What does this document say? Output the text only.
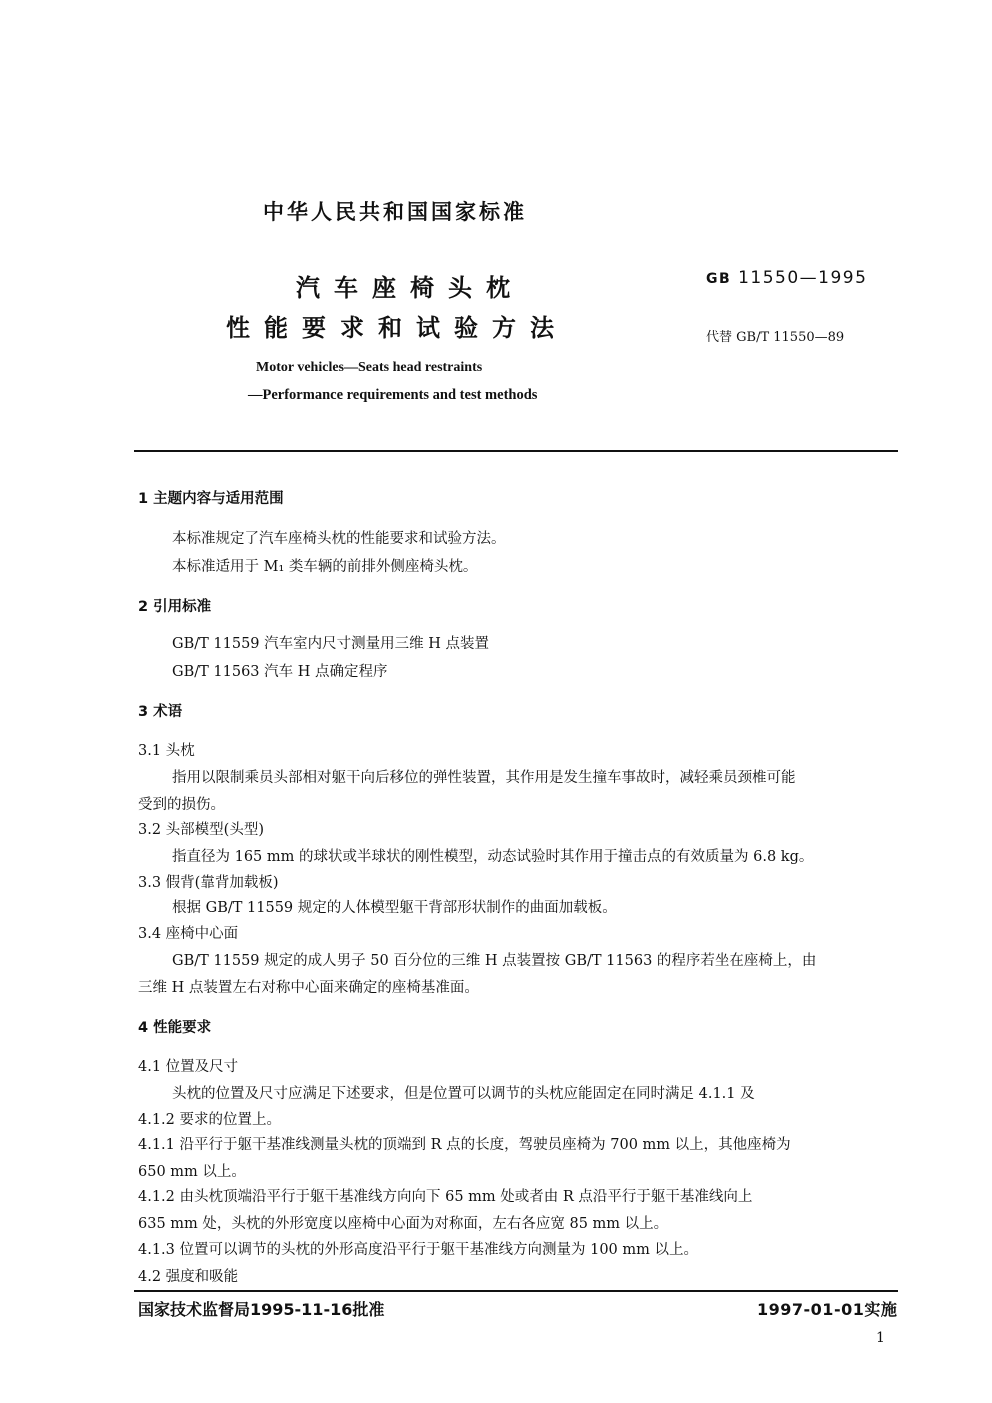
中华人民共和国国家标准
汽车座椅头枕
性能要求和试验方法
GB 11550—1995
代替 GB/T 11550—89
Motor vehicles—Seats head restraints
—Performance requirements and test methods
1 主题内容与适用范围
本标准规定了汽车座椅头枕的性能要求和试验方法。
本标准适用于 M₁ 类车辆的前排外侧座椅头枕。
2 引用标准
GB/T 11559 汽车室内尺寸测量用三维 H 点装置
GB/T 11563 汽车 H 点确定程序
3 术语
3.1 头枕
指用以限制乘员头部相对躯干向后移位的弹性装置，其作用是发生撞车事故时，减轻乘员颈椎可能
受到的损伤。
3.2 头部模型(头型)
指直径为 165 mm 的球状或半球状的刚性模型，动态试验时其作用于撞击点的有效质量为 6.8 kg。
3.3 假背(靠背加载板)
根据 GB/T 11559 规定的人体模型躯干背部形状制作的曲面加载板。
3.4 座椅中心面
GB/T 11559 规定的成人男子 50 百分位的三维 H 点装置按 GB/T 11563 的程序若坐在座椅上，由
三维 H 点装置左右对称中心面来确定的座椅基准面。
4 性能要求
4.1 位置及尺寸
头枕的位置及尺寸应满足下述要求，但是位置可以调节的头枕应能固定在同时满足 4.1.1 及
4.1.2 要求的位置上。
4.1.1 沿平行于躯干基准线测量头枕的顶端到 R 点的长度，驾驶员座椅为 700 mm 以上，其他座椅为
650 mm 以上。
4.1.2 由头枕顶端沿平行于躯干基准线方向向下 65 mm 处或者由 R 点沿平行于躯干基准线向上
635 mm 处，头枕的外形宽度以座椅中心面为对称面，左右各应宽 85 mm 以上。
4.1.3 位置可以调节的头枕的外形高度沿平行于躯干基准线方向测量为 100 mm 以上。
4.2 强度和吸能
国家技术监督局1995-11-16批准	1997-01-01实施
1
